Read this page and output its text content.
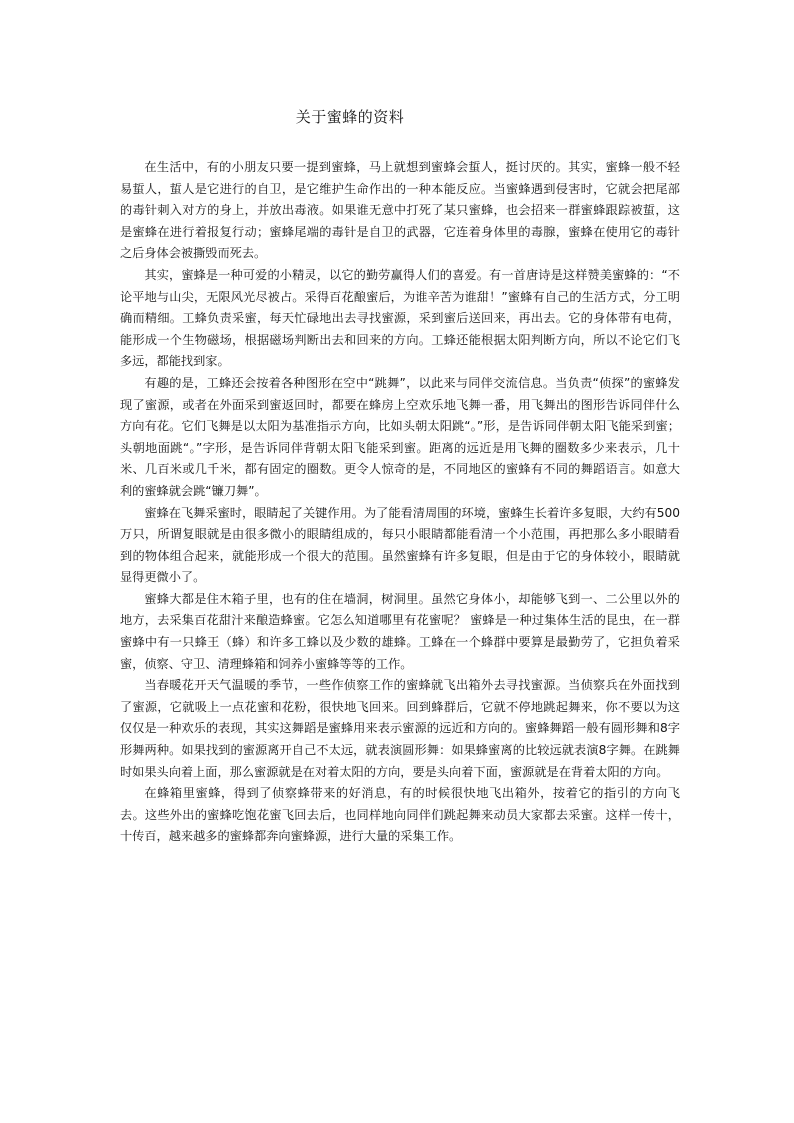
关于蜜蜂的资料

在生活中，有的小朋友只要一提到蜜蜂，马上就想到蜜蜂会蜇人，挺讨厌的。其实，蜜蜂一般不轻易蜇人，蜇人是它进行的自卫，是它维护生命作出的一种本能反应。当蜜蜂遇到侵害时，它就会把尾部的毒针刺入对方的身上，并放出毒液。如果谁无意中打死了某只蜜蜂，也会招来一群蜜蜂跟踪被蜇，这是蜜蜂在进行着报复行动；蜜蜂尾端的毒针是自卫的武器，它连着身体里的毒腺，蜜蜂在使用它的毒针之后身体会被撕毁而死去。

其实，蜜蜂是一种可爱的小精灵，以它的勤劳赢得人们的喜爱。有一首唐诗是这样赞美蜜蜂的：“不论平地与山尖，无限风光尽被占。采得百花酿蜜后，为谁辛苦为谁甜！”蜜蜂有自己的生活方式，分工明确而精细。工蜂负责采蜜，每天忙碌地出去寻找蜜源，采到蜜后送回来，再出去。它的身体带有电荷，能形成一个生物磁场，根据磁场判断出去和回来的方向。工蜂还能根据太阳判断方向，所以不论它们飞多远，都能找到家。

有趣的是，工蜂还会按着各种图形在空中“跳舞”，以此来与同伴交流信息。当负责“侦探”的蜜蜂发现了蜜源，或者在外面采到蜜返回时，都要在蜂房上空欢乐地飞舞一番，用飞舞出的图形告诉同伴什么方向有花。它们飞舞是以太阳为基准指示方向，比如头朝太阳跳“。”形，是告诉同伴朝太阳飞能采到蜜；头朝地面跳“。”字形，是告诉同伴背朝太阳飞能采到蜜。距离的远近是用飞舞的圈数多少来表示，几十米、几百米或几千米，都有固定的圈数。更令人惊奇的是，不同地区的蜜蜂有不同的舞蹈语言。如意大利的蜜蜂就会跳“镰刀舞”。

蜜蜂在飞舞采蜜时，眼睛起了关键作用。为了能看清周围的环境，蜜蜂生长着许多复眼，大约有500万只，所谓复眼就是由很多微小的眼睛组成的，每只小眼睛都能看清一个小范围，再把那么多小眼睛看到的物体组合起来，就能形成一个很大的范围。虽然蜜蜂有许多复眼，但是由于它的身体较小，眼睛就显得更微小了。

蜜蜂大都是住木箱子里，也有的住在墙洞，树洞里。虽然它身体小，却能够飞到一、二公里以外的地方，去采集百花甜汁来酿造蜂蜜。它怎么知道哪里有花蜜呢？ 蜜蜂是一种过集体生活的昆虫，在一群蜜蜂中有一只蜂王（蜂）和许多工蜂以及少数的雄蜂。工蜂在一个蜂群中要算是最勤劳了，它担负着采蜜，侦察、守卫、清理蜂箱和饲养小蜜蜂等等的工作。

当春暖花开天气温暖的季节，一些作侦察工作的蜜蜂就飞出箱外去寻找蜜源。当侦察兵在外面找到了蜜源，它就吸上一点花蜜和花粉，很快地飞回来。回到蜂群后，它就不停地跳起舞来，你不要以为这仅仅是一种欢乐的表现，其实这舞蹈是蜜蜂用来表示蜜源的远近和方向的。蜜蜂舞蹈一般有圆形舞和8字形舞两种。如果找到的蜜源离开自己不太远，就表演圆形舞：如果蜂蜜离的比较远就表演8字舞。在跳舞时如果头向着上面，那么蜜源就是在对着太阳的方向，要是头向着下面，蜜源就是在背着太阳的方向。

在蜂箱里蜜蜂，得到了侦察蜂带来的好消息，有的时候很快地飞出箱外，按着它的指引的方向飞去。这些外出的蜜蜂吃饱花蜜飞回去后，也同样地向同伴们跳起舞来动员大家都去采蜜。这样一传十，十传百，越来越多的蜜蜂都奔向蜜蜂源，进行大量的采集工作。
